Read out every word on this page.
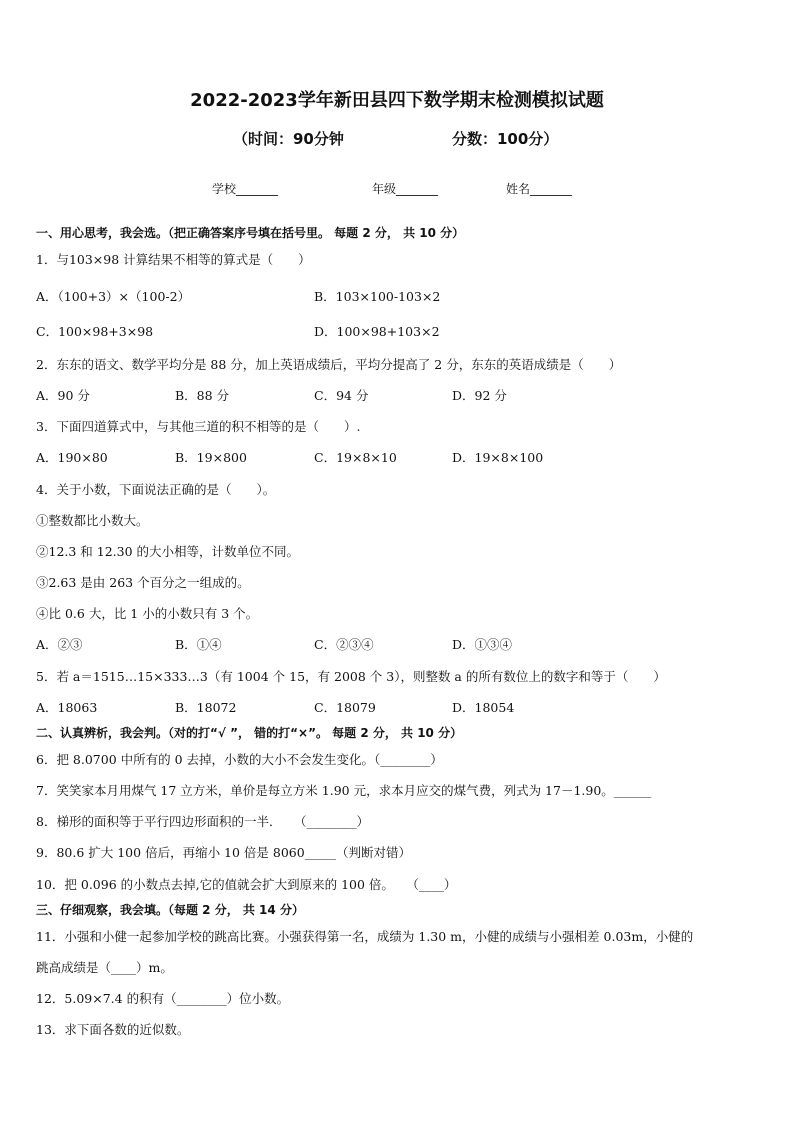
2022-2023学年新田县四下数学期末检测模拟试题
（时间：90分钟	分数：100分）
学校_______	年级_______	姓名_______
一、用心思考，我会选。（把正确答案序号填在括号里。 每题 2 分， 共 10 分）
1．与103×98 计算结果不相等的算式是（　　）
A．（100+3）×（100-2）	B．103×100-103×2
C．100×98+3×98	D．100×98+103×2
2．东东的语文、数学平均分是 88 分，加上英语成绩后，平均分提高了 2 分，东东的英语成绩是（　　）
A．90 分	B．88 分	C．94 分	D．92 分
3．下面四道算式中，与其他三道的积不相等的是（　　）.
A．190×80	B．19×800	C．19×8×10	D．19×8×100
4．关于小数，下面说法正确的是（　　）。
①整数都比小数大。
②12.3 和 12.30 的大小相等，计数单位不同。
③2.63 是由 263 个百分之一组成的。
④比 0.6 大，比 1 小的小数只有 3 个。
A．②③	B．①④	C．②③④	D．①③④
5．若 a＝1515…15×333…3（有 1004 个 15，有 2008 个 3），则整数 a 的所有数位上的数字和等于（　　）
A．18063	B．18072	C．18079	D．18054
二、认真辨析，我会判。（对的打“√ ”， 错的打“×”。 每题 2 分， 共 10 分）
6．把 8.0700 中所有的 0 去掉，小数的大小不会发生变化。（________）
7．笑笑家本月用煤气 17 立方米，单价是每立方米 1.90 元，求本月应交的煤气费，列式为 17－1.90。______
8．梯形的面积等于平行四边形面积的一半．　　（________）
9．80.6 扩大 100 倍后，再缩小 10 倍是 8060_____（判断对错）
10．把 0.096 的小数点去掉,它的值就会扩大到原来的 100 倍。　　（____）
三、仔细观察，我会填。（每题 2 分， 共 14 分）
11．小强和小健一起参加学校的跳高比赛。小强获得第一名，成绩为 1.30 m，小健的成绩与小强相差 0.03m，小健的
跳高成绩是（____）m。
12．5.09×7.4 的积有（________）位小数。
13．求下面各数的近似数。
